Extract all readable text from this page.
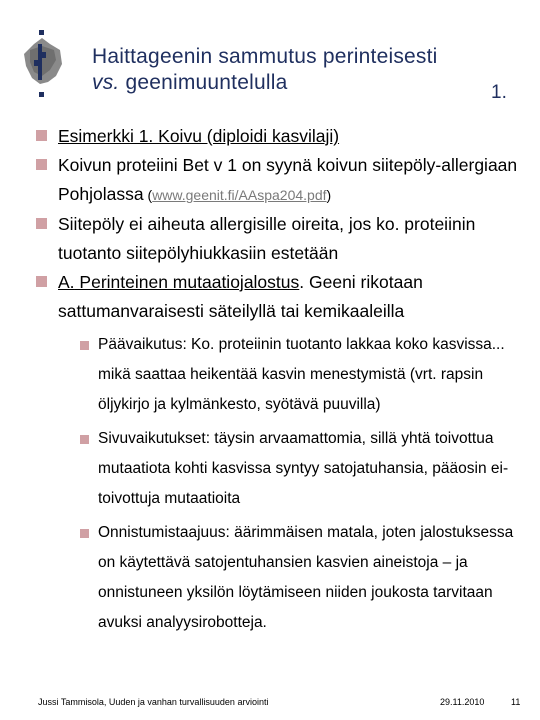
Haittageenin sammutus perinteisesti
vs. geenimuuntelulla	1.
Esimerkki 1. Koivu (diploidi kasvilaji)
Koivun proteiini Bet v 1 on syynä koivun siitepöly-allergiaan Pohjolassa (www.geenit.fi/AAspa204.pdf)
Siitepöly ei aiheuta allergisille oireita, jos ko. proteiinin tuotanto siitepölyhiukkasiin estetään
A. Perinteinen mutaatiojalostus. Geeni rikotaan sattumanvaraisesti säteilyllä tai kemikaaleilla
Päävaikutus: Ko. proteiinin tuotanto lakkaa koko kasvissa... mikä saattaa heikentää kasvin menestymistä (vrt. rapsin öljykirjo ja kylmänkesto, syötävä puuvilla)
Sivuvaikutukset: täysin arvaamattomia, sillä yhtä toivottua mutaatiota kohti kasvissa syntyy satojatuhansia, pääosin ei-toivottuja mutaatioita
Onnistumistaajuus: äärimmäisen matala, joten jalostuksessa on käytettävä satojentuhansien kasvien aineistoja – ja onnistuneen yksilön löytämiseen niiden joukosta tarvitaan avuksi analyysirobotteja.
Jussi Tammisola, Uuden ja vanhan turvallisuuden arviointi	29.11.2010	11
